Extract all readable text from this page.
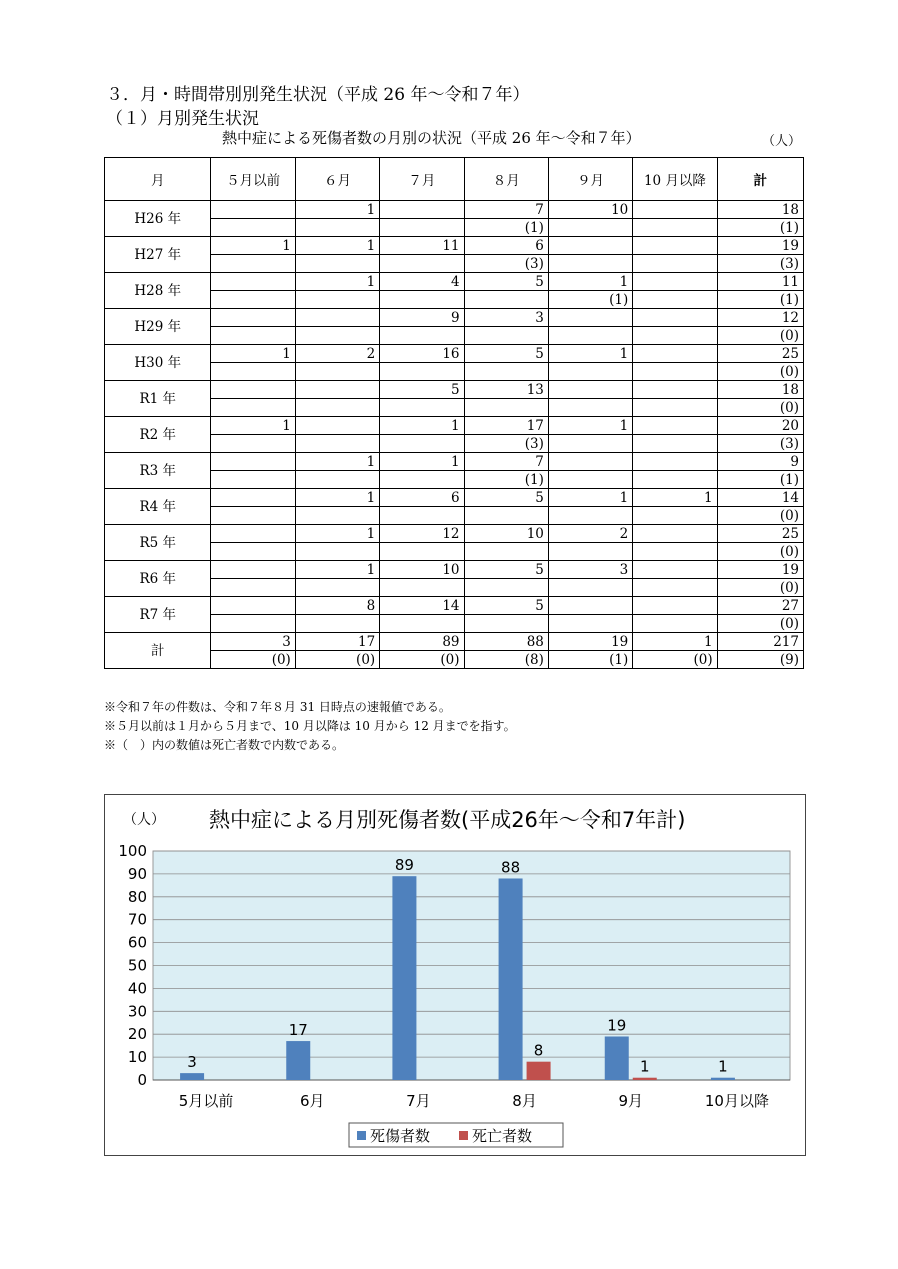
３．月・時間帯別別発生状況（平成 26 年～令和７年）
（１）月別発生状況
熱中症による死傷者数の月別の状況（平成 26 年～令和７年）	（人）
月	５月以前	６月	７月	８月	９月	10 月以降	計
H26 年		1		7	10		18
				(1)			(1)
H27 年	1	1	11	6			19
				(3)			(3)
H28 年		1	4	5	1		11
					(1)		(1)
H29 年			9	3			12
							(0)
H30 年	1	2	16	5	1		25
							(0)
R1 年			5	13			18
							(0)
R2 年	1		1	17	1		20
				(3)			(3)
R3 年		1	1	7			9
				(1)			(1)
R4 年		1	6	5	1	1	14
							(0)
R5 年		1	12	10	2		25
							(0)
R6 年		1	10	5	3		19
							(0)
R7 年		8	14	5			27
							(0)
計	3	17	89	88	19	1	217
	(0)	(0)	(0)	(8)	(1)	(0)	(9)
※令和７年の件数は、令和７年８月 31 日時点の速報値である。
※５月以前は１月から５月まで、10 月以降は 10 月から 12 月までを指す。
※（　）内の数値は死亡者数で内数である。
0
10
20
30
40
50
60
70
80
90
100
（人） 熱中症による月別死傷者数(平成26年～令和7年計)
5月以前
3
6月
17
7月
89
8月
88
8
9月
19
1
10月以降
1
死傷者数	死亡者数
